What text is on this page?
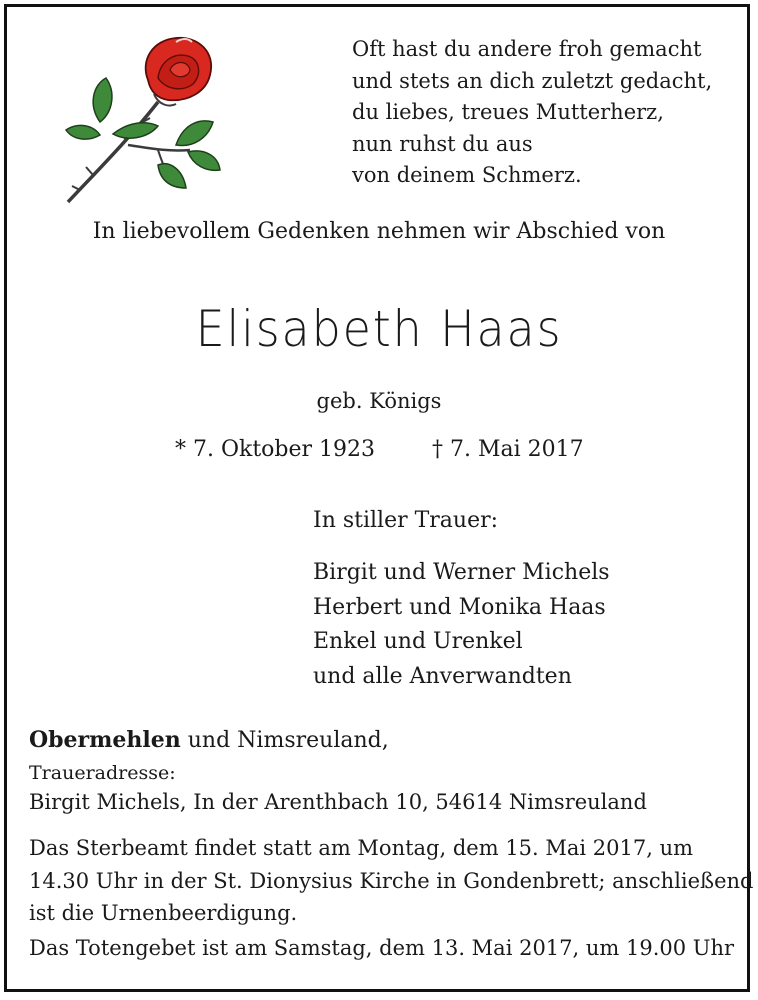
Oft hast du andere froh gemacht
und stets an dich zuletzt gedacht,
du liebes, treues Mutterherz,
nun ruhst du aus
von deinem Schmerz.
In liebevollem Gedenken nehmen wir Abschied von
Elisabeth Haas
geb. Königs
* 7. Oktober 1923	† 7. Mai 2017
In stiller Trauer:
Birgit und Werner Michels
Herbert und Monika Haas
Enkel und Urenkel
und alle Anverwandten
Obermehlen und Nimsreuland,
Traueradresse:
Birgit Michels, In der Arenthbach 10, 54614 Nimsreuland
Das Sterbeamt findet statt am Montag, dem 15. Mai 2017, um
14.30 Uhr in der St. Dionysius Kirche in Gondenbrett; anschließend
ist die Urnenbeerdigung.
Das Totengebet ist am Samstag, dem 13. Mai 2017, um 19.00 Uhr
